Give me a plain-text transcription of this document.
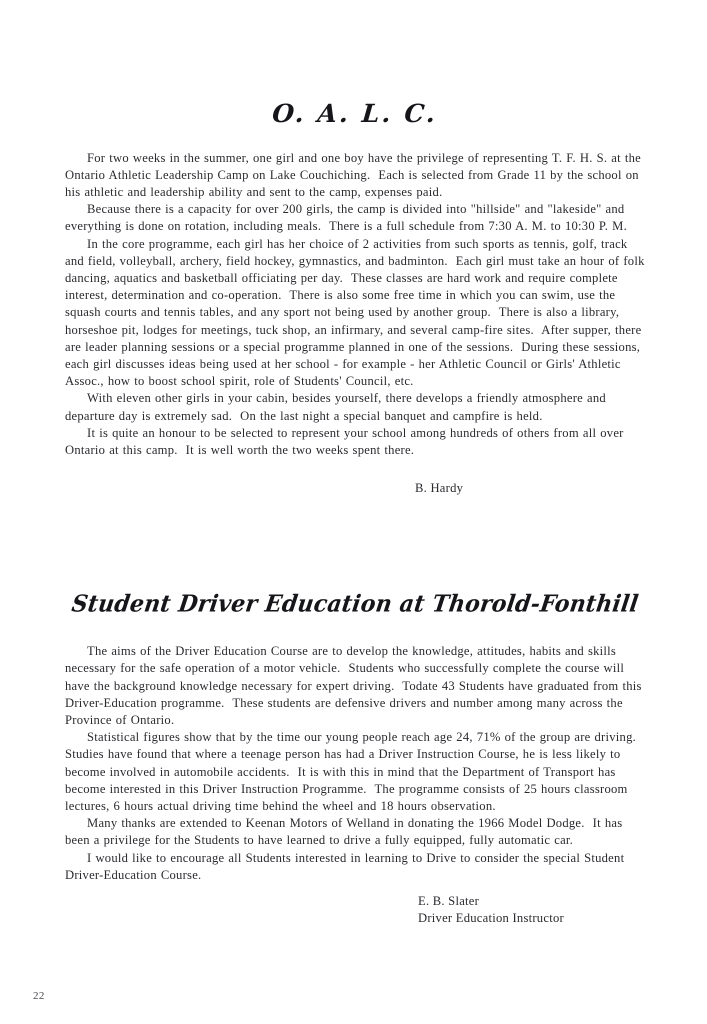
O. A. L. C.

For two weeks in the summer, one girl and one boy have the privilege of representing T. F. H. S. at the Ontario Athletic Leadership Camp on Lake Couchiching.  Each is selected from Grade 11 by the school on his athletic and leadership ability and sent to the camp, expenses paid.

Because there is a capacity for over 200 girls, the camp is divided into "hillside" and "lakeside" and everything is done on rotation, including meals.  There is a full schedule from 7:30 A. M. to 10:30 P. M.

In the core programme, each girl has her choice of 2 activities from such sports as tennis, golf, track and field, volleyball, archery, field hockey, gymnastics, and badminton.  Each girl must take an hour of folk dancing, aquatics and basketball officiating per day.  These classes are hard work and require complete interest, determination and co-operation.  There is also some free time in which you can swim, use the squash courts and tennis tables, and any sport not being used by another group.  There is also a library, horseshoe pit, lodges for meetings, tuck shop, an infirmary, and several camp-fire sites.  After supper, there are leader planning sessions or a special programme planned in one of the sessions.  During these sessions, each girl discusses ideas being used at her school - for example - her Athletic Council or Girls' Athletic Assoc., how to boost school spirit, role of Students' Council, etc.

With eleven other girls in your cabin, besides yourself, there develops a friendly atmosphere and departure day is extremely sad.  On the last night a special banquet and campfire is held.

It is quite an honour to be selected to represent your school among hundreds of others from all over Ontario at this camp.  It is well worth the two weeks spent there.

B. Hardy
Student Driver Education at Thorold-Fonthill

The aims of the Driver Education Course are to develop the knowledge, attitudes, habits and skills necessary for the safe operation of a motor vehicle.  Students who successfully complete the course will have the background knowledge necessary for expert driving.  Todate 43 Students have graduated from this Driver-Education programme.  These students are defensive drivers and number among many across the Province of Ontario.

Statistical figures show that by the time our young people reach age 24, 71% of the group are driving.  Studies have found that where a teenage person has had a Driver Instruction Course, he is less likely to become involved in automobile accidents.  It is with this in mind that the Department of Transport has become interested in this Driver Instruction Programme.  The programme consists of 25 hours classroom lectures, 6 hours actual driving time behind the wheel and 18 hours observation.

Many thanks are extended to Keenan Motors of Welland in donating the 1966 Model Dodge.  It has been a privilege for the Students to have learned to drive a fully equipped, fully automatic car.

I would like to encourage all Students interested in learning to Drive to consider the special Student Driver-Education Course.

E. B. Slater
Driver Education Instructor
22
